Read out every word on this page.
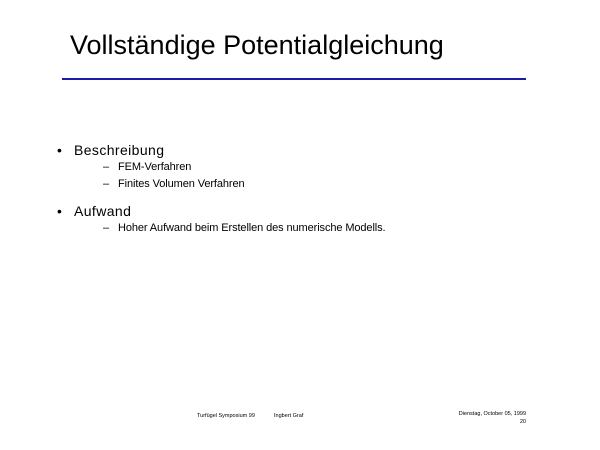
Vollständige Potentialgleichung
• Beschreibung
– FEM-Verfahren
– Finites Volumen Verfahren
• Aufwand
– Hoher Aufwand beim Erstellen des numerische Modells.
Turfügel Symposium 99	Ingbert Graf	Dienstag, October 05, 1999
20
